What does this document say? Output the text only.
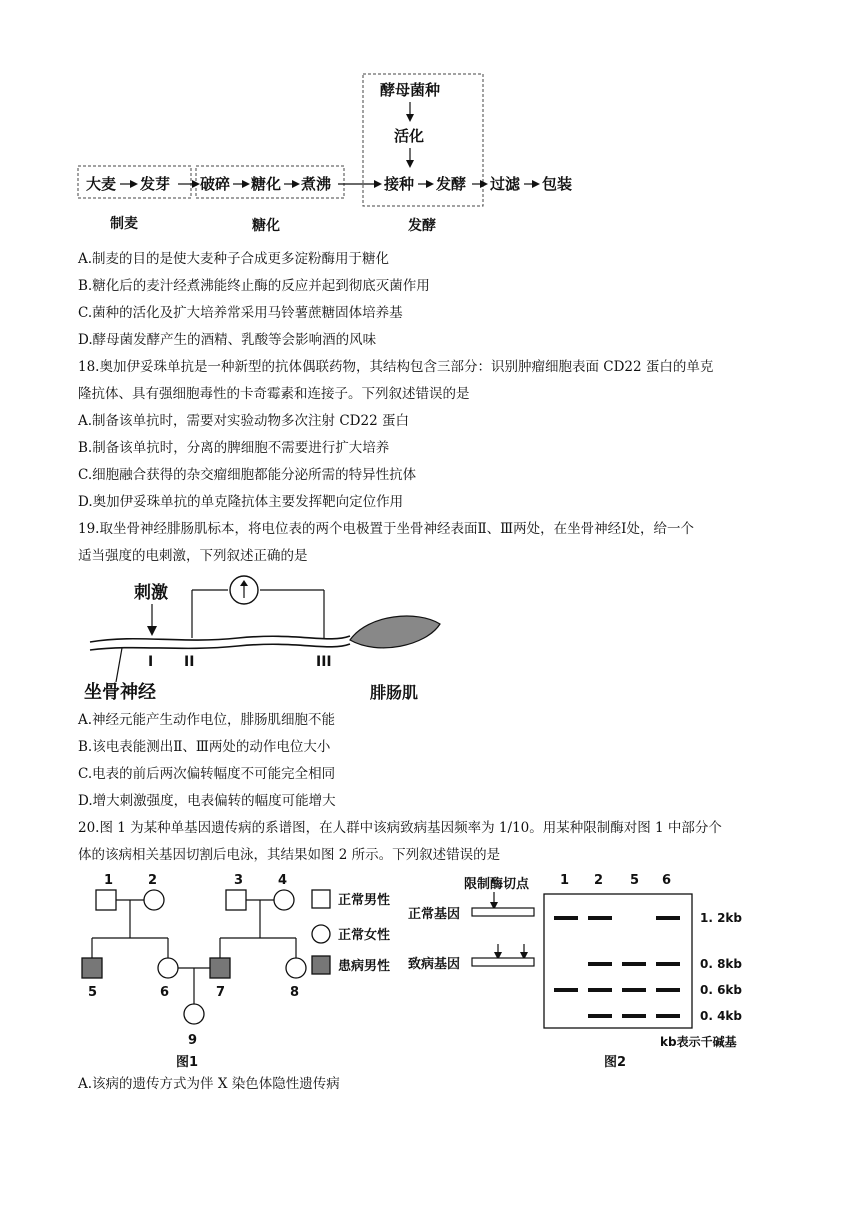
酵母菌种
活化
大麦 发芽 破碎 糖化 煮沸	接种 发酵 过滤 包装
制麦	糖化	发酵
A.制麦的目的是使大麦种子合成更多淀粉酶用于糖化
B.糖化后的麦汁经煮沸能终止酶的反应并起到彻底灭菌作用
C.菌种的活化及扩大培养常采用马铃薯蔗糖固体培养基
D.酵母菌发酵产生的酒精、乳酸等会影响酒的风味
18.奥加伊妥珠单抗是一种新型的抗体偶联药物，其结构包含三部分：识别肿瘤细胞表面 CD22 蛋白的单克
隆抗体、具有强细胞毒性的卡奇霉素和连接子。下列叙述错误的是
A.制备该单抗时，需要对实验动物多次注射 CD22 蛋白
B.制备该单抗时，分离的脾细胞不需要进行扩大培养
C.细胞融合获得的杂交瘤细胞都能分泌所需的特异性抗体
D.奥加伊妥珠单抗的单克隆抗体主要发挥靶向定位作用
19.取坐骨神经腓肠肌标本，将电位表的两个电极置于坐骨神经表面Ⅱ、Ⅲ两处，在坐骨神经Ⅰ处，给一个
适当强度的电刺激，下列叙述正确的是
刺激
I II	III
坐骨神经	腓肠肌
A.神经元能产生动作电位，腓肠肌细胞不能
B.该电表能测出Ⅱ、Ⅲ两处的动作电位大小
C.电表的前后两次偏转幅度不可能完全相同
D.增大刺激强度，电表偏转的幅度可能增大
20.图 1 为某种单基因遗传病的系谱图，在人群中该病致病基因频率为 1/10。用某种限制酶对图 1 中部分个
体的该病相关基因切割后电泳，其结果如图 2 所示。下列叙述错误的是
1	2	3	4
5	6	7	8
9
图1
正常男性
正常女性
患病男性
限制酶切点
正常基因
致病基因
1 2 5 6
1. 2kb
0. 8kb
0. 6kb
0. 4kb
kb表示千碱基
图2
A.该病的遗传方式为伴 X 染色体隐性遗传病
